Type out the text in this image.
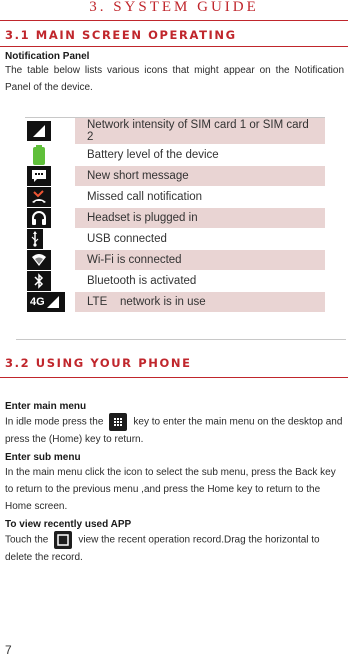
3. SYSTEM GUIDE
3.1 MAIN SCREEN OPERATING
Notification Panel
The table below lists various icons that might appear on the Notification Panel of the device.
	Network intensity of SIM card 1 or SIM card 2

	Battery level of the device

	New short message

	Missed call notification

	Headset is plugged in

	USB connected

	Wi-Fi is connected

	Bluetooth is activated

4G	LTE    network is in use
3.2 USING YOUR PHONE
Enter main menu
In idle mode press the	key to enter the main menu on the desktop and press the (Home) key to return.
Enter sub menu
In the main menu click the icon to select the sub menu, press the Back key to return to the previous menu ,and press the Home key to return to the Home screen.
To view recently used APP
Touch the	view the recent operation record.Drag the horizontal to delete the record.
7
